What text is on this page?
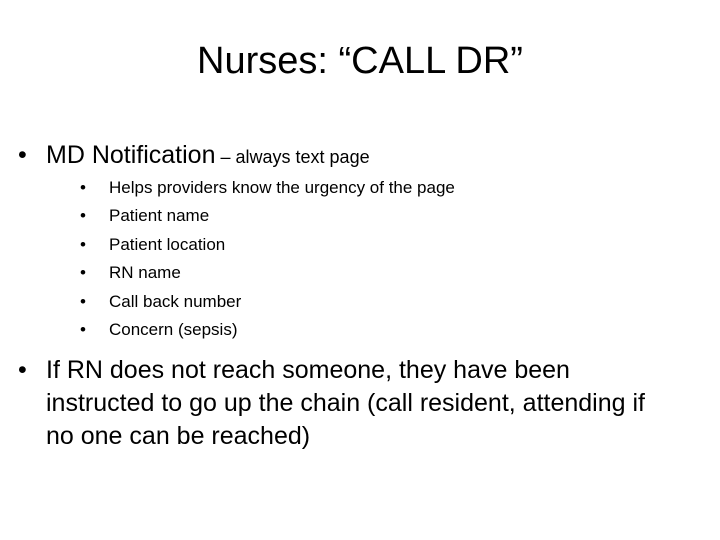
Nurses: “CALL DR”
• MD Notification – always text page
• Helps providers know the urgency of the page
• Patient name
• Patient location
• RN name
• Call back number
• Concern (sepsis)
• If RN does not reach someone, they have been instructed to go up the chain (call resident, attending if no one can be reached)
